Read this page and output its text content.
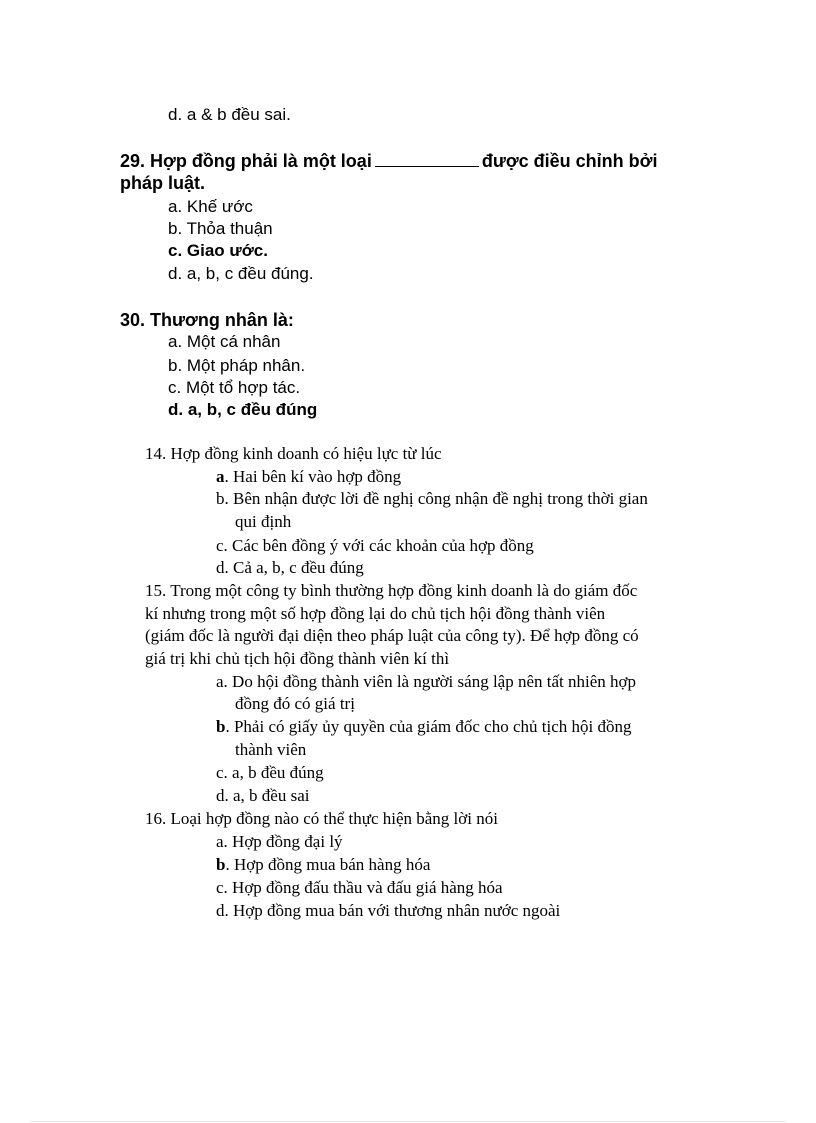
d. a & b đều sai.
29. Hợp đồng phải là một loại	được điều chỉnh bởi
pháp luật.
a. Khế ước
b. Thỏa thuận
c. Giao ước.
d. a, b, c đều đúng.
30. Thương nhân là:
a. Một cá nhân
b. Một pháp nhân.
c. Một tổ hợp tác.
d. a, b, c đều đúng
14. Hợp đồng kinh doanh có hiệu lực từ lúc
a. Hai bên kí vào hợp đồng
b. Bên nhận được lời đề nghị công nhận đề nghị trong thời gian
qui định
c. Các bên đồng ý với các khoản của hợp đồng
d. Cả a, b, c đều đúng
15. Trong một công ty bình thường hợp đồng kinh doanh là do giám đốc
kí nhưng trong một số hợp đồng lại do chủ tịch hội đồng thành viên
(giám đốc là người đại diện theo pháp luật của công ty). Để hợp đồng có
giá trị khi chủ tịch hội đồng thành viên kí thì
a. Do hội đồng thành viên là người sáng lập nên tất nhiên hợp
đồng đó có giá trị
b. Phải có giấy ủy quyền của giám đốc cho chủ tịch hội đồng
thành viên
c. a, b đều đúng
d. a, b đều sai
16. Loại hợp đồng nào có thể thực hiện bằng lời nói
a. Hợp đồng đại lý
b. Hợp đồng mua bán hàng hóa
c. Hợp đồng đấu thầu và đấu giá hàng hóa
d. Hợp đồng mua bán với thương nhân nước ngoài
